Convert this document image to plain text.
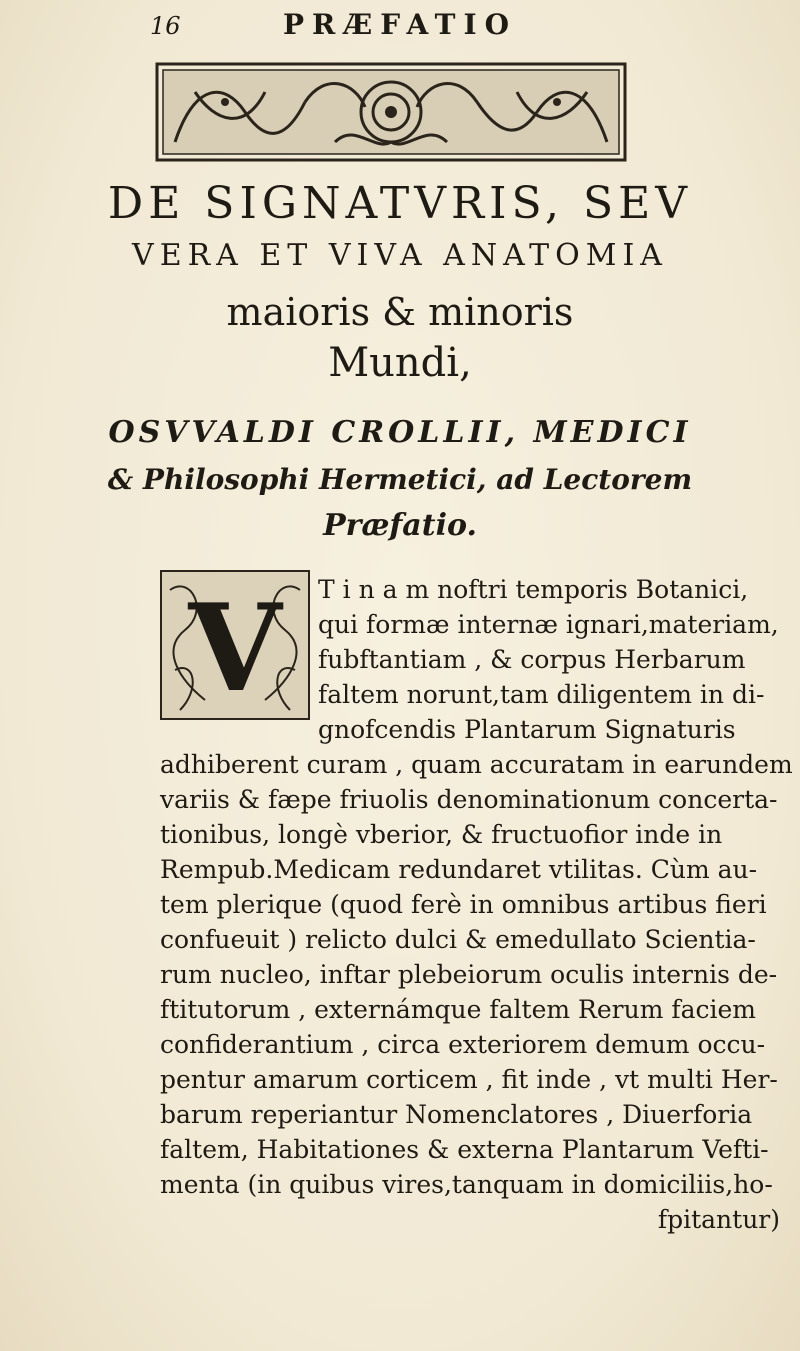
16	PRÆFATIO
DE SIGNATVRIS, SEV
VERA ET VIVA ANATOMIA
maioris & minoris
Mundi,
OSVVALDI CROLLII, MEDICI
& Philosophi Hermetici, ad Lectorem
Præfatio.
V	T i n a m noftri temporis Botanici,
qui formæ internæ ignari,materiam,
fubftantiam , & corpus Herbarum
faltem norunt,tam diligentem in di-
gnofcendis Plantarum Signaturis
adhiberent curam , quam accuratam in earundem
variis & fæpe friuolis denominationum concerta-
tionibus, longè vberior, & fructuofior inde in
Rempub.Medicam redundaret vtilitas. Cùm au-
tem plerique (quod ferè in omnibus artibus fieri
confueuit ) relicto dulci & emedullato Scientia-
rum nucleo, inftar plebeiorum oculis internis de-
ftitutorum , externámque faltem Rerum faciem
confiderantium , circa exteriorem demum occu-
pentur amarum corticem , fit inde , vt multi Her-
barum reperiantur Nomenclatores , Diuerforia
faltem, Habitationes & externa Plantarum Vefti-
menta (in quibus vires,tanquam in domiciliis,ho-
fpitantur)
